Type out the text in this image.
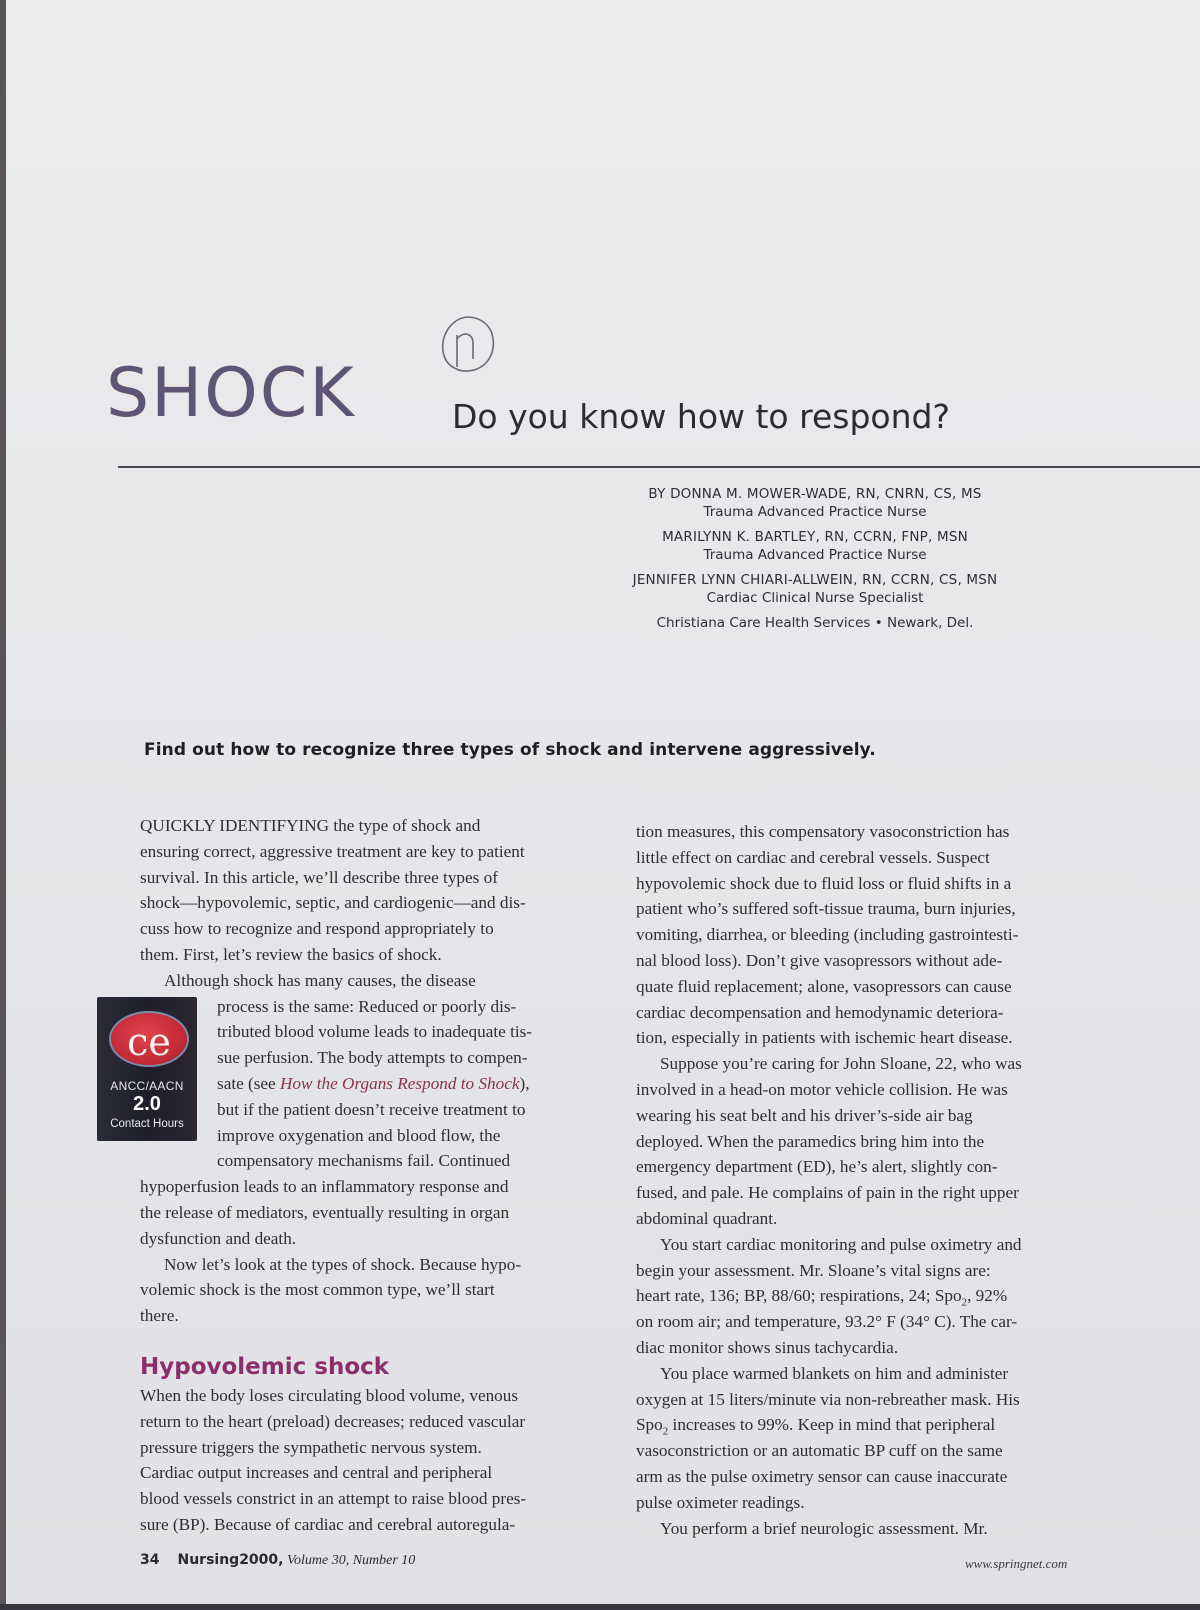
SHOCK	Do you know how to respond?
BY DONNA M. MOWER-WADE, RN, CNRN, CS, MS
Trauma Advanced Practice Nurse
MARILYNN K. BARTLEY, RN, CCRN, FNP, MSN
Trauma Advanced Practice Nurse
JENNIFER LYNN CHIARI-ALLWEIN, RN, CCRN, CS, MSN
Cardiac Clinical Nurse Specialist
Christiana Care Health Services • Newark, Del.
Find out how to recognize three types of shock and intervene aggressively.

QUICKLY IDENTIFYING the type of shock and
ensuring correct, aggressive treatment are key to patient
survival. In this article, we’ll describe three types of
shock—hypovolemic, septic, and cardiogenic—and dis-
cuss how to recognize and respond appropriately to
them. First, let’s review the basics of shock.

Although shock has many causes, the disease
process is the same: Reduced or poorly dis-
tributed blood volume leads to inadequate tis-
sue perfusion. The body attempts to compen-
sate (see How the Organs Respond to Shock),
but if the patient doesn’t receive treatment to
improve oxygenation and blood flow, the
compensatory mechanisms fail. Continued
hypoperfusion leads to an inflammatory response and
the release of mediators, eventually resulting in organ
dysfunction and death.

Now let’s look at the types of shock. Because hypo-
volemic shock is the most common type, we’ll start
there.

Hypovolemic shock

When the body loses circulating blood volume, venous
return to the heart (preload) decreases; reduced vascular
pressure triggers the sympathetic nervous system.
Cardiac output increases and central and peripheral
blood vessels constrict in an attempt to raise blood pres-
sure (BP). Because of cardiac and cerebral autoregula-

ce
ANCC/AACN
2.0
Contact Hours

tion measures, this compensatory vasoconstriction has
little effect on cardiac and cerebral vessels. Suspect
hypovolemic shock due to fluid loss or fluid shifts in a
patient who’s suffered soft-tissue trauma, burn injuries,
vomiting, diarrhea, or bleeding (including gastrointesti-
nal blood loss). Don’t give vasopressors without ade-
quate fluid replacement; alone, vasopressors can cause
cardiac decompensation and hemodynamic deteriora-
tion, especially in patients with ischemic heart disease.

Suppose you’re caring for John Sloane, 22, who was
involved in a head-on motor vehicle collision. He was
wearing his seat belt and his driver’s-side air bag
deployed. When the paramedics bring him into the
emergency department (ED), he’s alert, slightly con-
fused, and pale. He complains of pain in the right upper
abdominal quadrant.

You start cardiac monitoring and pulse oximetry and
begin your assessment. Mr. Sloane’s vital signs are:
heart rate, 136; BP, 88/60; respirations, 24; Spo$_2$, 92%
on room air; and temperature, 93.2° F (34° C). The car-
diac monitor shows sinus tachycardia.

You place warmed blankets on him and administer
oxygen at 15 liters/minute via non-rebreather mask. His
Spo$_2$ increases to 99%. Keep in mind that peripheral
vasoconstriction or an automatic BP cuff on the same
arm as the pulse oximetry sensor can cause inaccurate
pulse oximeter readings.

You perform a brief neurologic assessment. Mr.

34 Nursing2000, Volume 30, Number 10	www.springnet.com
